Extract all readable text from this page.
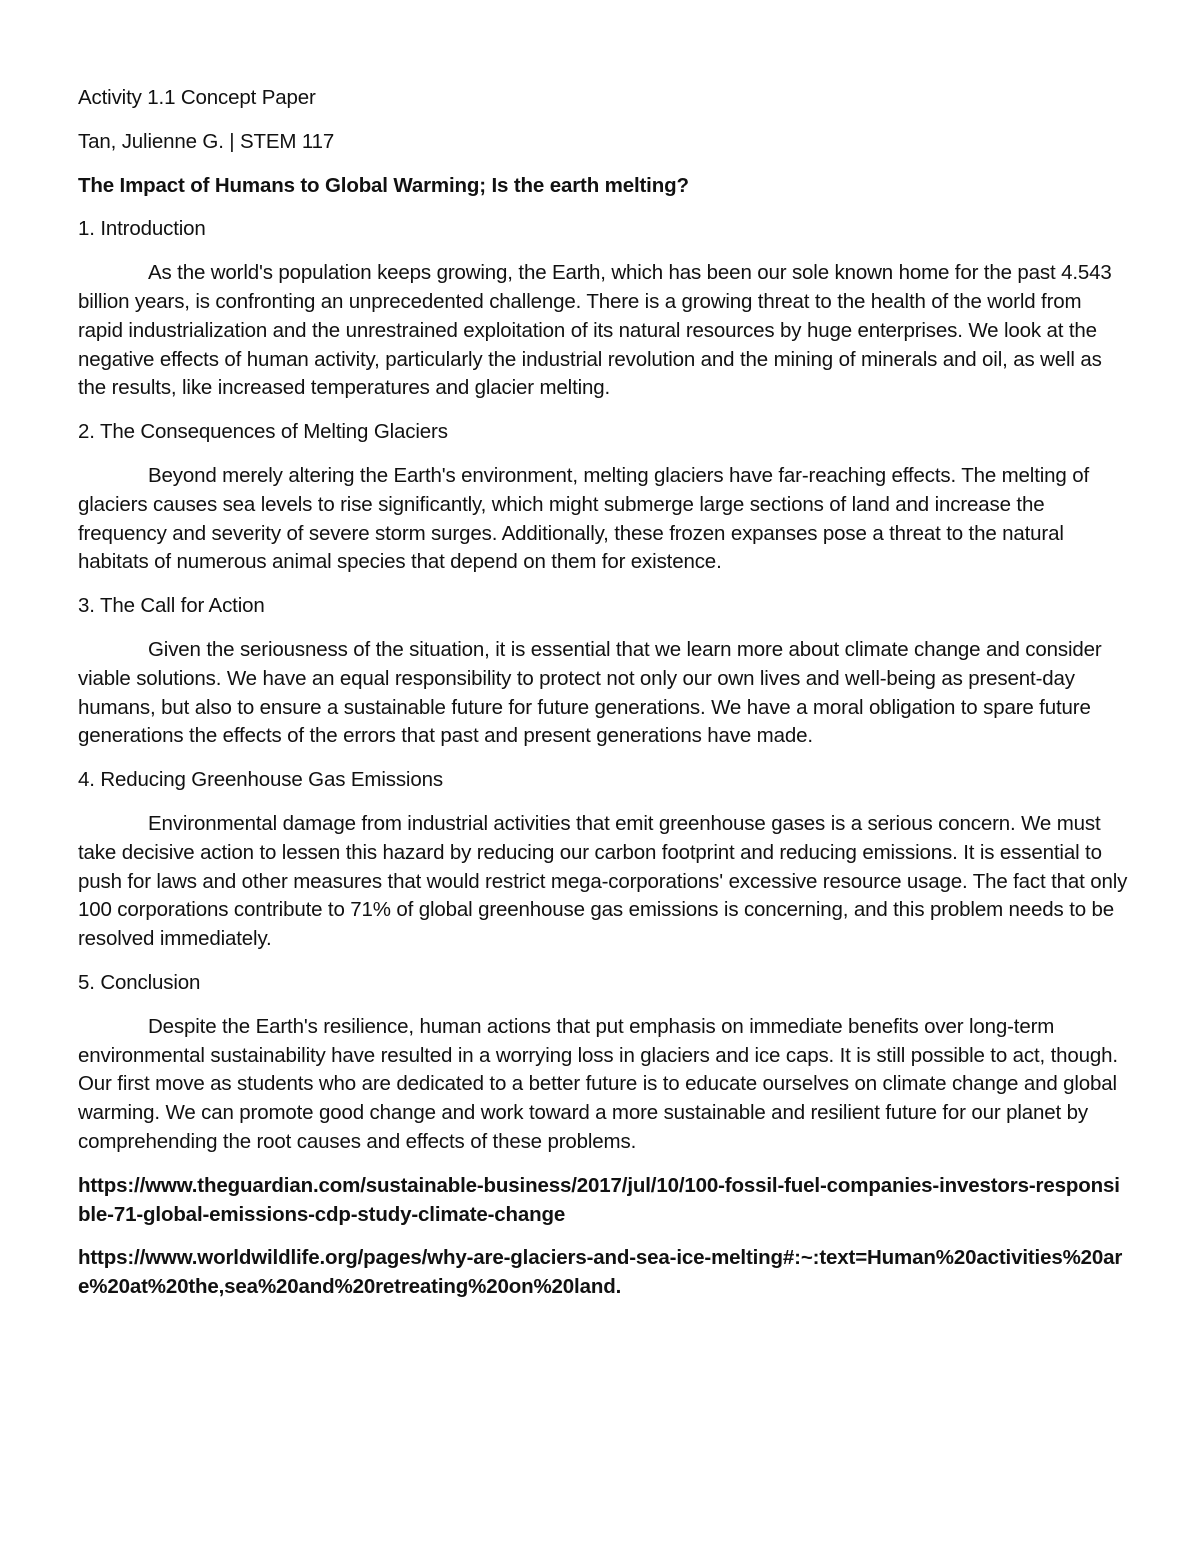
Activity 1.1 Concept Paper
Tan, Julienne G. | STEM 117
The Impact of Humans to Global Warming; Is the earth melting?
1. Introduction
As the world's population keeps growing, the Earth, which has been our sole known home for the past 4.543 billion years, is confronting an unprecedented challenge. There is a growing threat to the health of the world from rapid industrialization and the unrestrained exploitation of its natural resources by huge enterprises. We look at the negative effects of human activity, particularly the industrial revolution and the mining of minerals and oil, as well as the results, like increased temperatures and glacier melting.
2. The Consequences of Melting Glaciers
Beyond merely altering the Earth's environment, melting glaciers have far-reaching effects. The melting of glaciers causes sea levels to rise significantly, which might submerge large sections of land and increase the frequency and severity of severe storm surges. Additionally, these frozen expanses pose a threat to the natural habitats of numerous animal species that depend on them for existence.
3. The Call for Action
Given the seriousness of the situation, it is essential that we learn more about climate change and consider viable solutions. We have an equal responsibility to protect not only our own lives and well-being as present-day humans, but also to ensure a sustainable future for future generations. We have a moral obligation to spare future generations the effects of the errors that past and present generations have made.
4. Reducing Greenhouse Gas Emissions
Environmental damage from industrial activities that emit greenhouse gases is a serious concern. We must take decisive action to lessen this hazard by reducing our carbon footprint and reducing emissions. It is essential to push for laws and other measures that would restrict mega-corporations' excessive resource usage. The fact that only 100 corporations contribute to 71% of global greenhouse gas emissions is concerning, and this problem needs to be resolved immediately.
5. Conclusion
Despite the Earth's resilience, human actions that put emphasis on immediate benefits over long-term environmental sustainability have resulted in a worrying loss in glaciers and ice caps. It is still possible to act, though. Our first move as students who are dedicated to a better future is to educate ourselves on climate change and global warming. We can promote good change and work toward a more sustainable and resilient future for our planet by comprehending the root causes and effects of these problems.
https://www.theguardian.com/sustainable-business/2017/jul/10/100-fossil-fuel-companies-investors-responsible-71-global-emissions-cdp-study-climate-change
https://www.worldwildlife.org/pages/why-are-glaciers-and-sea-ice-melting#:~:text=Human%20activities%20are%20at%20the,sea%20and%20retreating%20on%20land.
